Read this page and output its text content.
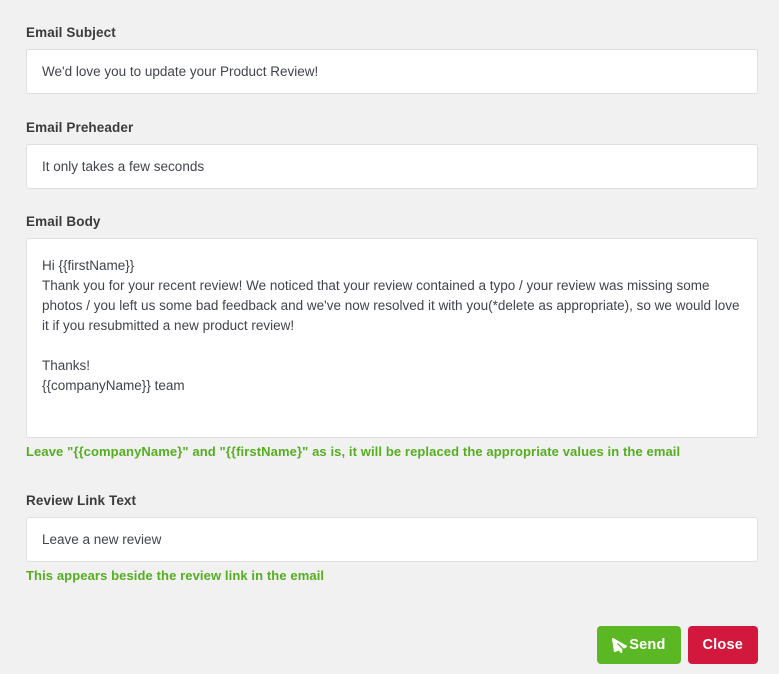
Email Subject
We'd love you to update your Product Review!
Email Preheader
It only takes a few seconds
Email Body
Hi {{firstName}} Thank you for your recent review! We noticed that your review contained a typo / your review was missing some photos / you left us some bad feedback and we've now resolved it with you(*delete as appropriate), so we would love it if you resubmitted a new product review! Thanks! {{companyName}} team
Leave "{{companyName}" and "{{firstName}" as is, it will be replaced the appropriate values in the email
Review Link Text
Leave a new review
This appears beside the review link in the email
Send	Close
